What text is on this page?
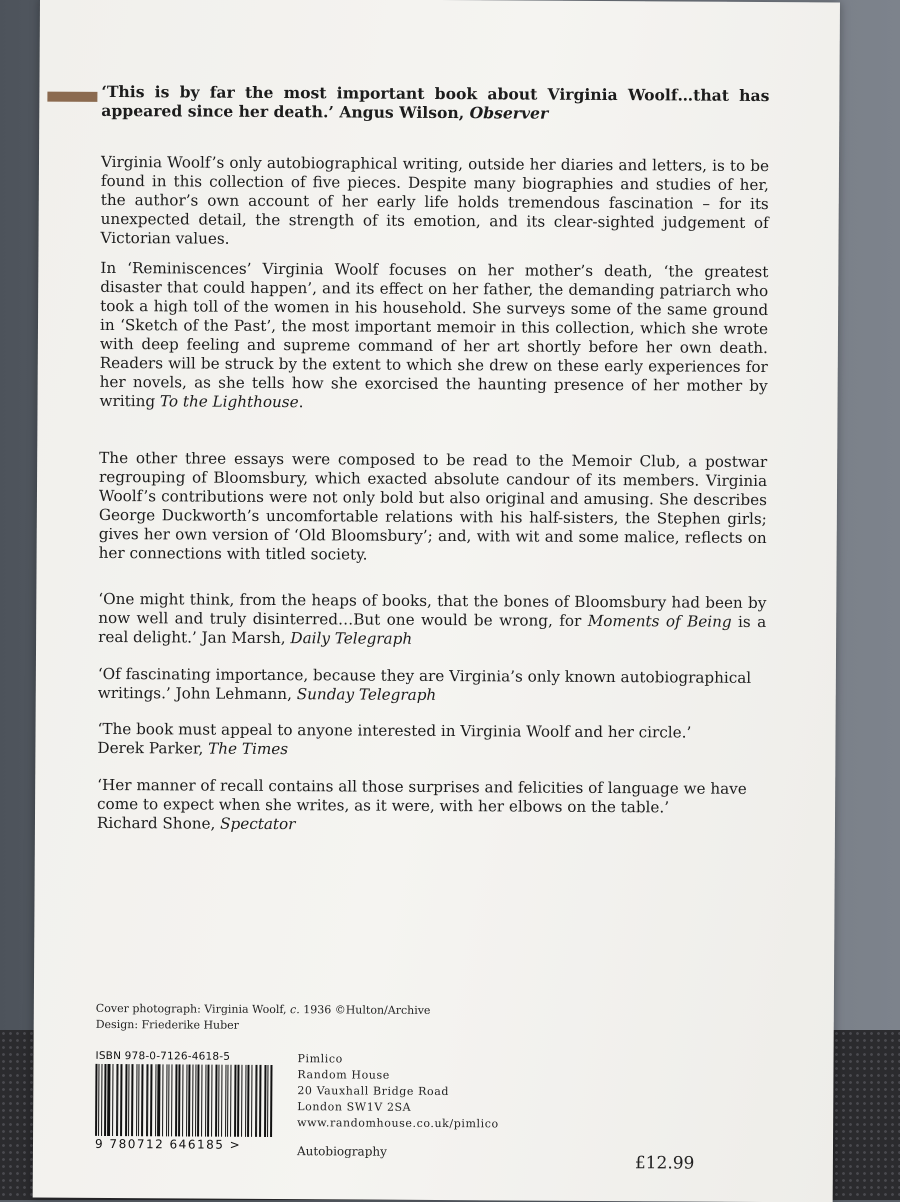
‘This is by far the most important book about Virginia Woolf…that has appeared since her death.’ Angus Wilson, Observer

Virginia Woolf’s only autobiographical writing, outside her diaries and letters, is to be found in this collection of five pieces. Despite many biographies and studies of her, the author’s own account of her early life holds tremendous fascination – for its unexpected detail, the strength of its emotion, and its clear-sighted judgement of Victorian values.

In ‘Reminiscences’ Virginia Woolf focuses on her mother’s death, ‘the greatest disaster that could happen’, and its effect on her father, the demanding patriarch who took a high toll of the women in his household. She surveys some of the same ground in ‘Sketch of the Past’, the most important memoir in this collection, which she wrote with deep feeling and supreme command of her art shortly before her own death. Readers will be struck by the extent to which she drew on these early experiences for her novels, as she tells how she exorcised the haunting presence of her mother by writing To the Lighthouse.

The other three essays were composed to be read to the Memoir Club, a postwar regrouping of Bloomsbury, which exacted absolute candour of its members. Virginia Woolf’s contributions were not only bold but also original and amusing. She describes George Duckworth’s uncomfortable relations with his half-sisters, the Stephen girls; gives her own version of ‘Old Bloomsbury’; and, with wit and some malice, reflects on her connections with titled society.

‘One might think, from the heaps of books, that the bones of Bloomsbury had been by now well and truly disinterred…But one would be wrong, for Moments of Being is a real delight.’ Jan Marsh, Daily Telegraph

‘Of fascinating importance, because they are Virginia’s only known autobiographical writings.’ John Lehmann, Sunday Telegraph

‘The book must appeal to anyone interested in Virginia Woolf and her circle.’
Derek Parker, The Times

‘Her manner of recall contains all those surprises and felicities of language we have come to expect when she writes, as it were, with her elbows on the table.’
Richard Shone, Spectator

Cover photograph: Virginia Woolf, c. 1936 ©Hulton/Archive
Design: Friederike Huber
ISBN 978-0-7126-4618-5
9 780712 646185 >
Pimlico
Random House
20 Vauxhall Bridge Road
London SW1V 2SA
www.randomhouse.co.uk/pimlico
Autobiography
£12.99
